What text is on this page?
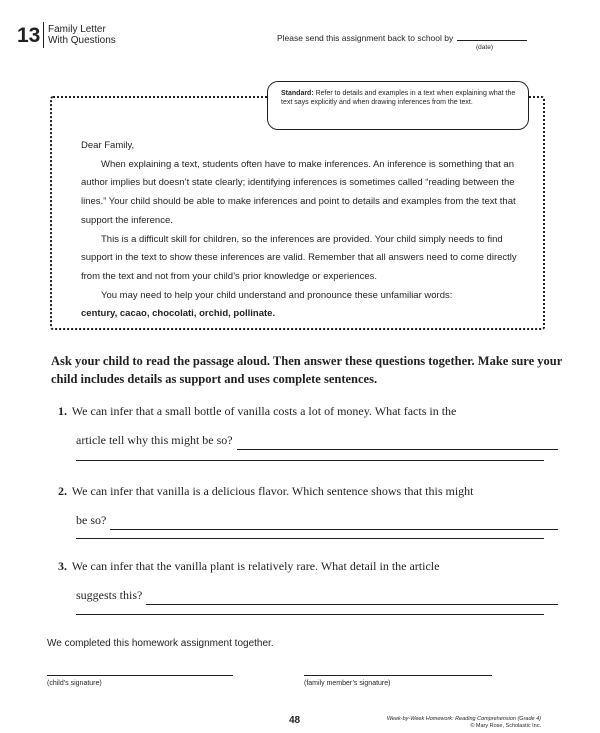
13 Family Letter
With Questions	Please send this assignment back to school by	.
(date)
Standard: Refer to details and examples in a text when explaining what the text says explicitly and when drawing inferences from the text.

Dear Family,

When explaining a text, students often have to make inferences. An inference is something that an author implies but doesn’t state clearly; identifying inferences is sometimes called “reading between the lines.” Your child should be able to make inferences and point to details and examples from the text that support the inference.

This is a difficult skill for children, so the inferences are provided. Your child simply needs to find support in the text to show these inferences are valid. Remember that all answers need to come directly from the text and not from your child’s prior knowledge or experiences.

You may need to help your child understand and pronounce these unfamiliar words:

century, cacao, chocolati, orchid, pollinate.

Ask your child to read the passage aloud. Then answer these questions together. Make sure your child includes details as support and uses complete sentences.
1. We can infer that a small bottle of vanilla costs a lot of money. What facts in the
article tell why this might be so?
2. We can infer that vanilla is a delicious flavor. Which sentence shows that this might
be so?
3. We can infer that the vanilla plant is relatively rare. What detail in the article
suggests this?
We completed this homework assignment together.
(child’s signature)	(family member’s signature)
48	Week-by-Week Homework: Reading Comprehension (Grade 4)
© Mary Rose, Scholastic Inc.
